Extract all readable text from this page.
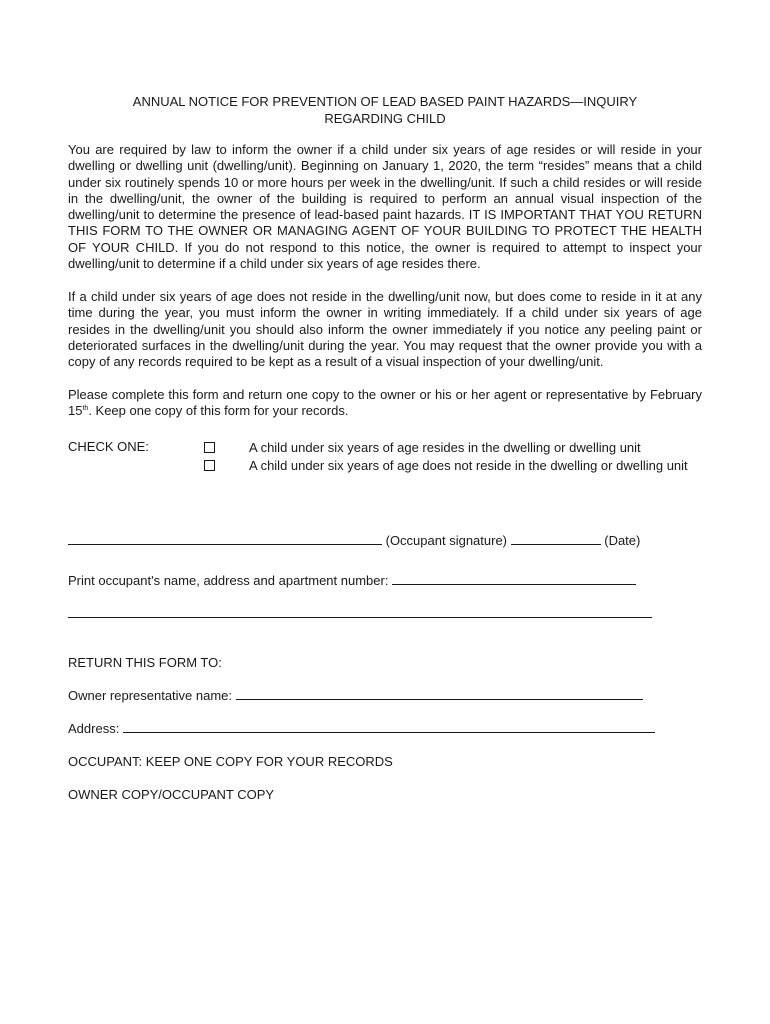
ANNUAL NOTICE FOR PREVENTION OF LEAD BASED PAINT HAZARDS—INQUIRY
REGARDING CHILD
You are required by law to inform the owner if a child under six years of age resides or will reside in your dwelling or dwelling unit (dwelling/unit). Beginning on January 1, 2020, the term “resides” means that a child under six routinely spends 10 or more hours per week in the dwelling/unit. If such a child resides or will reside in the dwelling/unit, the owner of the building is required to perform an annual visual inspection of the dwelling/unit to determine the presence of lead-based paint hazards. IT IS IMPORTANT THAT YOU RETURN THIS FORM TO THE OWNER OR MANAGING AGENT OF YOUR BUILDING TO PROTECT THE HEALTH OF YOUR CHILD. If you do not respond to this notice, the owner is required to attempt to inspect your dwelling/unit to determine if a child under six years of age resides there.
If a child under six years of age does not reside in the dwelling/unit now, but does come to reside in it at any time during the year, you must inform the owner in writing immediately. If a child under six years of age resides in the dwelling/unit you should also inform the owner immediately if you notice any peeling paint or deteriorated surfaces in the dwelling/unit during the year. You may request that the owner provide you with a copy of any records required to be kept as a result of a visual inspection of your dwelling/unit.
Please complete this form and return one copy to the owner or his or her agent or representative by February 15th. Keep one copy of this form for your records.
CHECK ONE:	A child under six years of age resides in the dwelling or dwelling unit
A child under six years of age does not reside in the dwelling or dwelling unit
(Occupant signature)	(Date)
Print occupant's name, address and apartment number:
RETURN THIS FORM TO:
Owner representative name:
Address:
OCCUPANT: KEEP ONE COPY FOR YOUR RECORDS
OWNER COPY/OCCUPANT COPY
